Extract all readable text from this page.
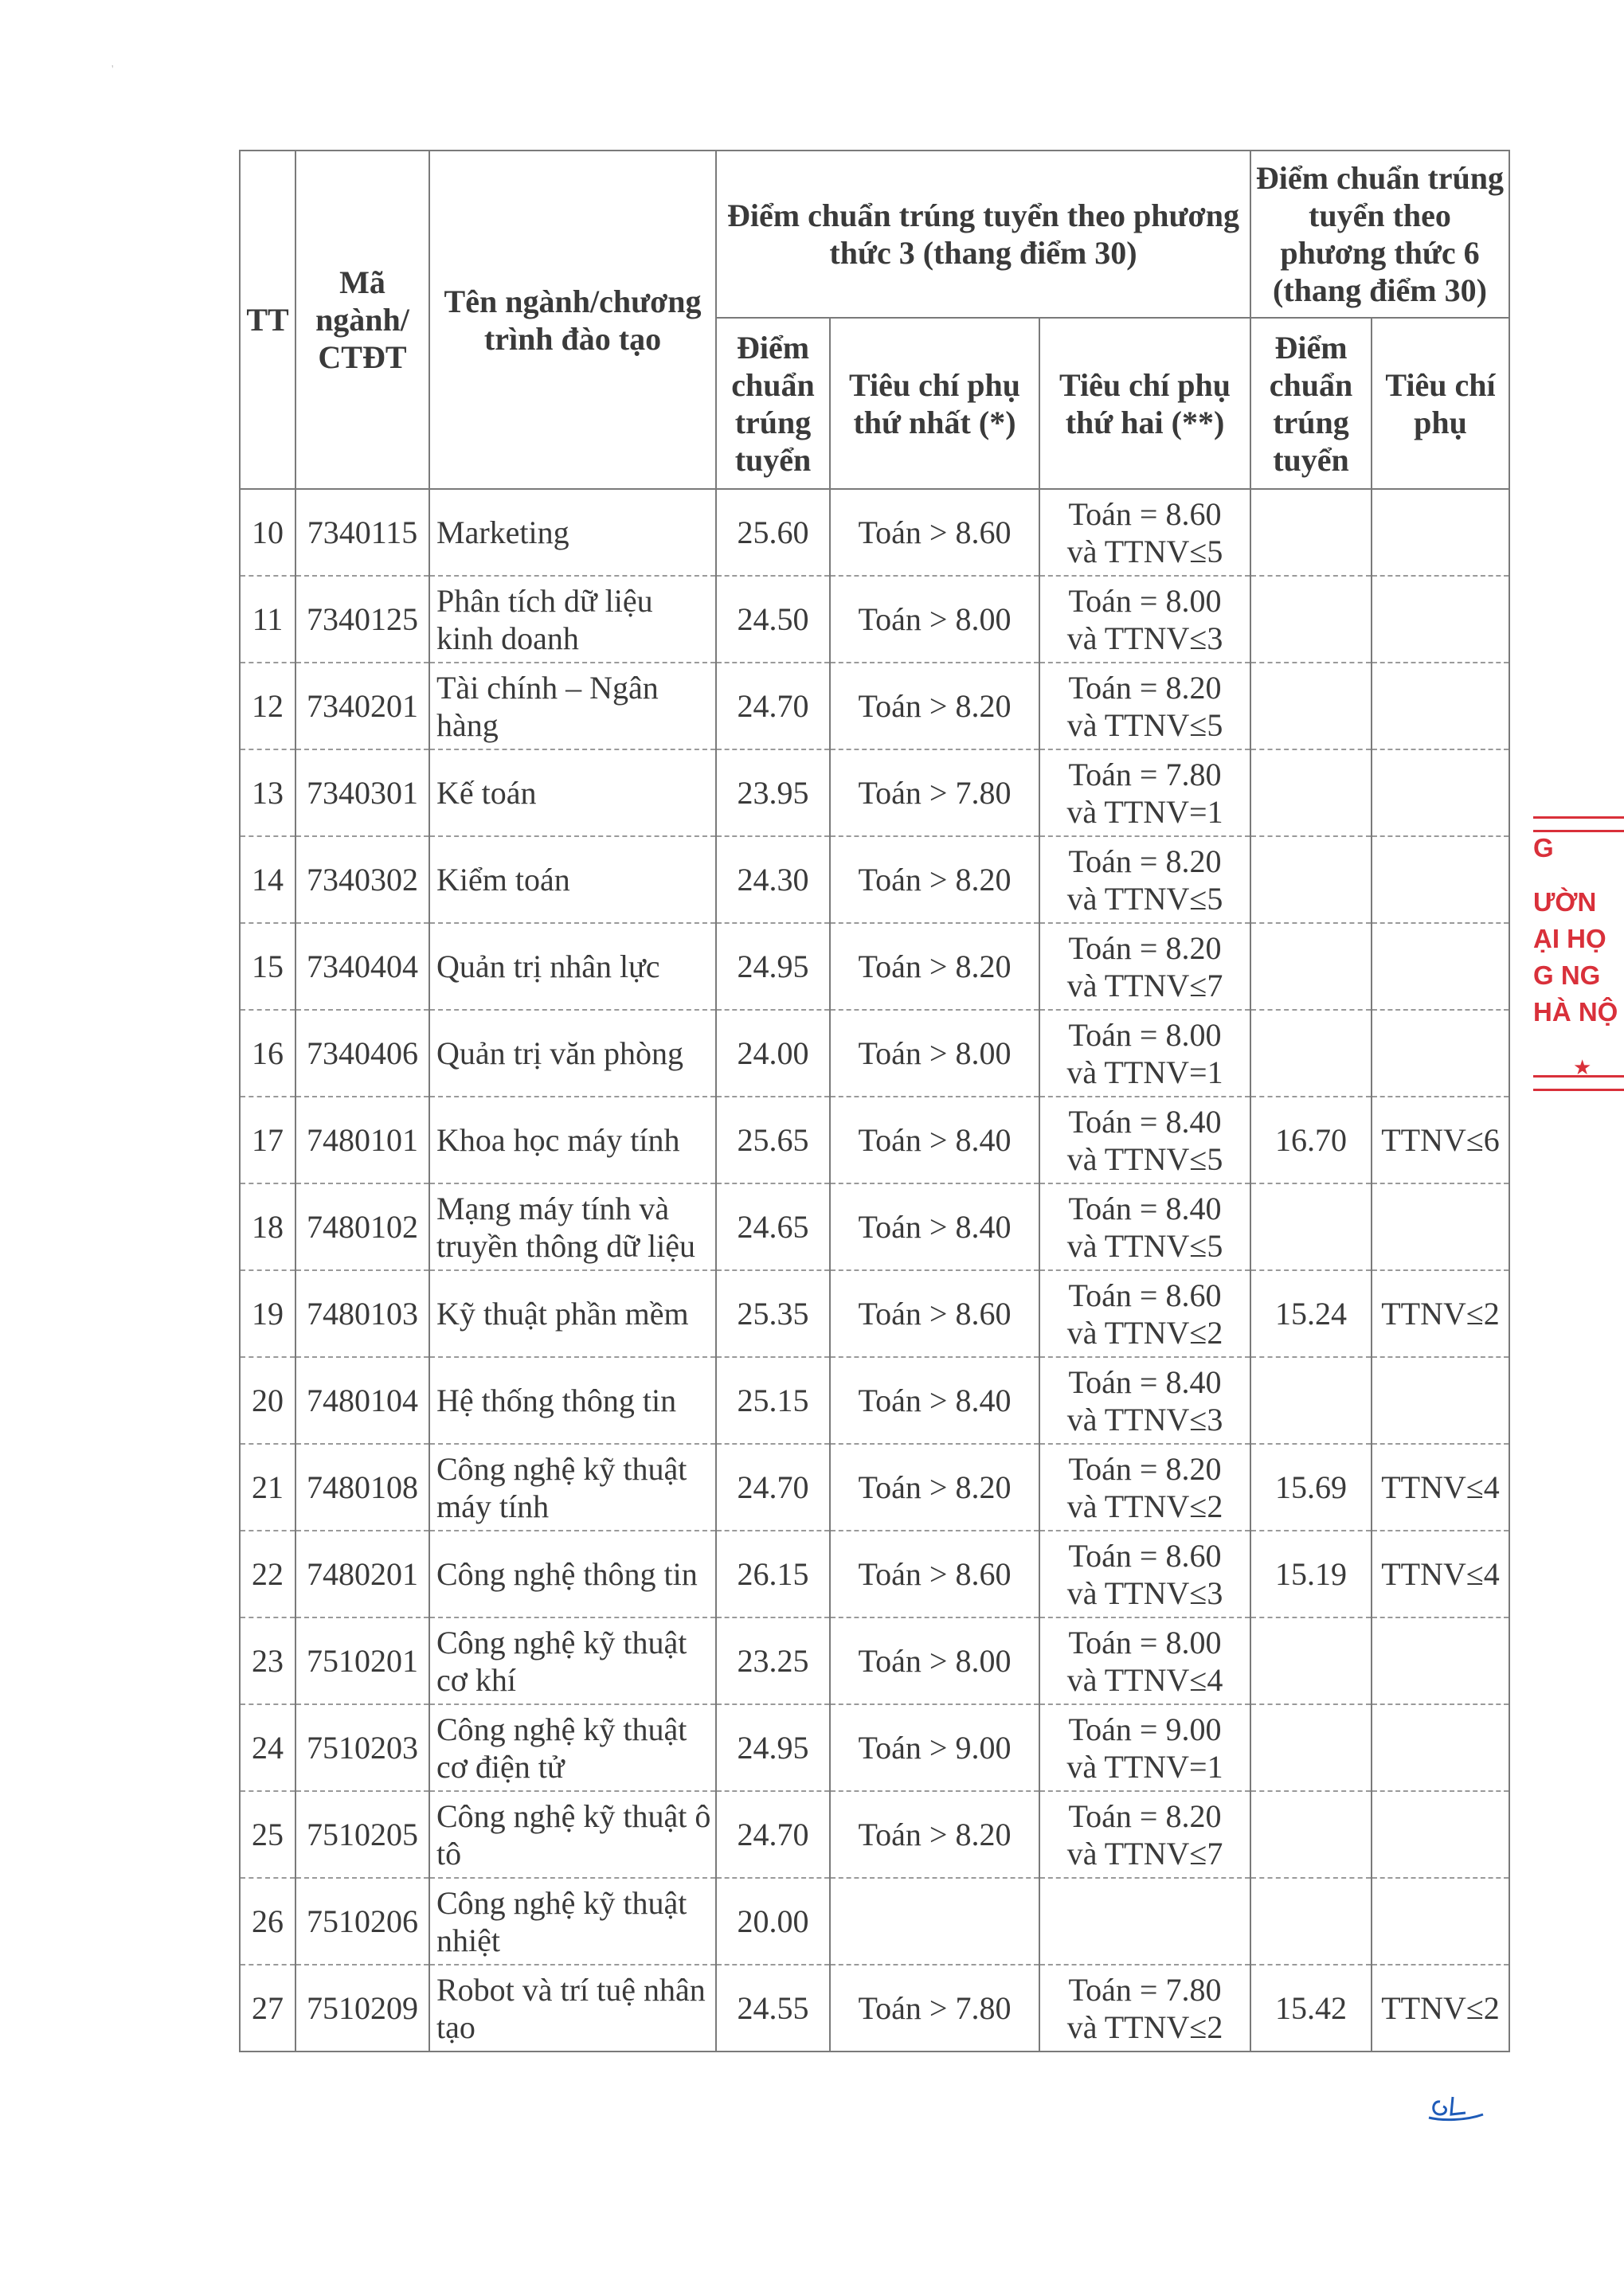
TT	Mã ngành/ CTĐT	Tên ngành/chương trình đào tạo	Điểm chuẩn trúng tuyển theo phương thức 3 (thang điểm 30)			Điểm chuẩn trúng tuyển theo phương thức 6 (thang điểm 30)	
			Điểm chuẩn trúng tuyển	Tiêu chí phụ thứ nhất (*)	Tiêu chí phụ thứ hai (**)	Điểm chuẩn trúng tuyển	Tiêu chí phụ
10	7340115	Marketing	25.60	Toán > 8.60	Toán = 8.60
và TTNV≤5		

11	7340125	Phân tích dữ liệu kinh doanh	24.50	Toán > 8.00	Toán = 8.00
và TTNV≤3		

12	7340201	Tài chính – Ngân hàng	24.70	Toán > 8.20	Toán = 8.20
và TTNV≤5		

13	7340301	Kế toán	23.95	Toán > 7.80	Toán = 7.80
và TTNV=1		

14	7340302	Kiểm toán	24.30	Toán > 8.20	Toán = 8.20
và TTNV≤5		

15	7340404	Quản trị nhân lực	24.95	Toán > 8.20	Toán = 8.20
và TTNV≤7		

16	7340406	Quản trị văn phòng	24.00	Toán > 8.00	Toán = 8.00
và TTNV=1		

17	7480101	Khoa học máy tính	25.65	Toán > 8.40	Toán = 8.40
và TTNV≤5	16.70	TTNV≤6
18	7480102	Mạng máy tính và truyền thông dữ liệu	24.65	Toán > 8.40	Toán = 8.40
và TTNV≤5		

19	7480103	Kỹ thuật phần mềm	25.35	Toán > 8.60	Toán = 8.60
và TTNV≤2	15.24	TTNV≤2
20	7480104	Hệ thống thông tin	25.15	Toán > 8.40	Toán = 8.40
và TTNV≤3		

21	7480108	Công nghệ kỹ thuật máy tính	24.70	Toán > 8.20	Toán = 8.20
và TTNV≤2	15.69	TTNV≤4
22	7480201	Công nghệ thông tin	26.15	Toán > 8.60	Toán = 8.60
và TTNV≤3	15.19	TTNV≤4
23	7510201	Công nghệ kỹ thuật cơ khí	23.25	Toán > 8.00	Toán = 8.00
và TTNV≤4		

24	7510203	Công nghệ kỹ thuật cơ điện tử	24.95	Toán > 9.00	Toán = 9.00
và TTNV=1		

25	7510205	Công nghệ kỹ thuật ô tô	24.70	Toán > 8.20	Toán = 8.20
và TTNV≤7		

26	7510206	Công nghệ kỹ thuật nhiệt	20.00		

27	7510209	Robot và trí tuệ nhân tạo	24.55	Toán > 7.80	Toán = 7.80
và TTNV≤2	15.42	TTNV≤2
G
ƯỜN
ẠI HỌ
G NG
HÀ NỘ
★
'
